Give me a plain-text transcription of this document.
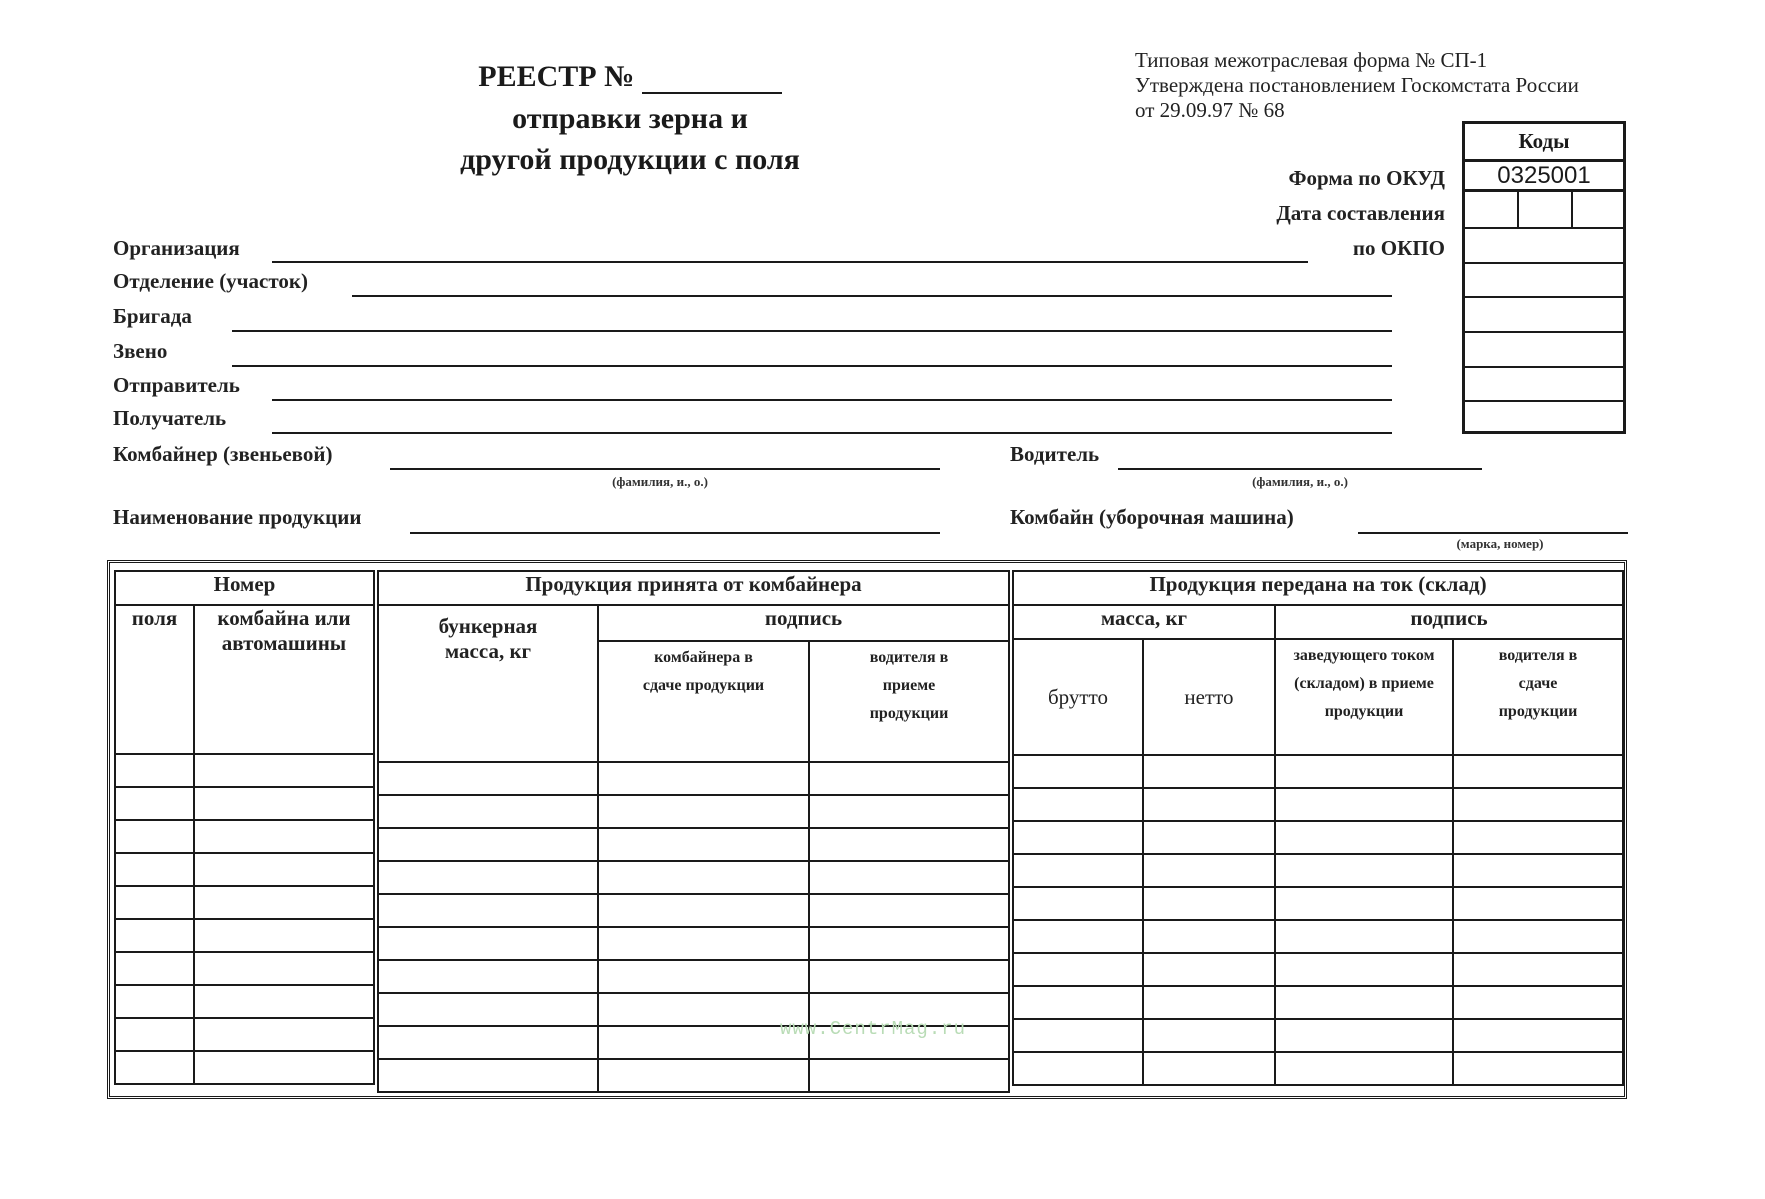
РЕЕСТР №
отправки зерна и
другой продукции с поля
Типовая межотраслевая форма № СП-1
Утверждена постановлением Госкомстата России
от 29.09.97 № 68
Форма по ОКУД
Дата составления
по ОКПО
Коды
0325001
Организация
Отделение (участок)
Бригада
Звено
Отправитель
Получатель
Комбайнер (звеньевой)
(фамилия, и., о.)
Водитель
(фамилия, и., о.)
Наименование продукции	Комбайн (уборочная машина)
(марка, номер)
Номер	
поля	комбайна или автомашины

Продукция принята от комбайнера		
бункерная масса, кг	подпись	
	комбайнера в сдаче продукции	водителя в приеме продукции

Продукция передана на ток (склад)			
масса, кг		подпись	
брутто	нетто	заведующего током (складом) в приеме продукции	водителя в сдаче продукции

www.CentrMag.ru
